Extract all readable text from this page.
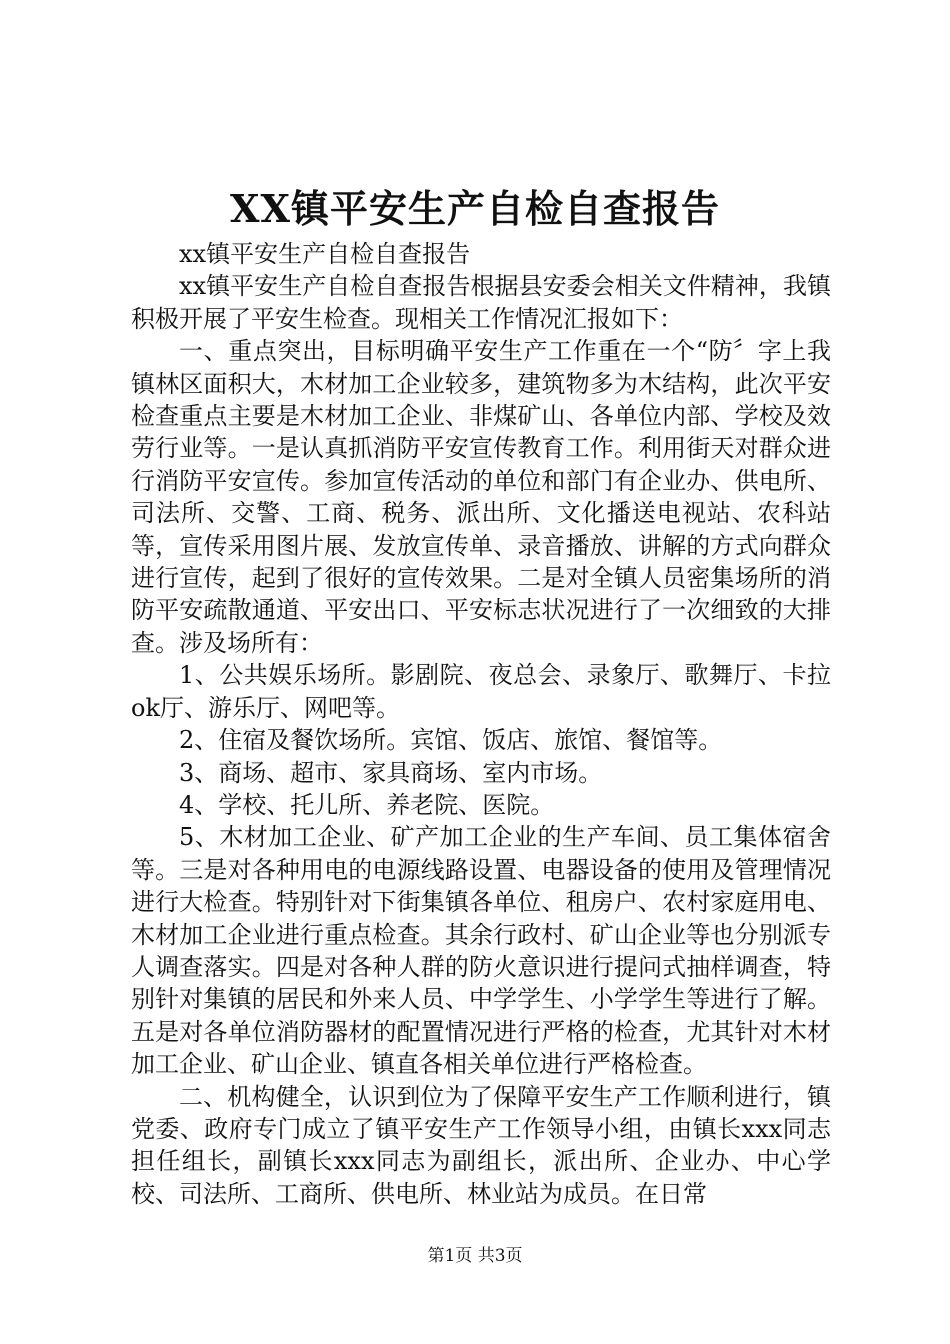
XX镇平安生产自检自查报告

xx镇平安生产自检自查报告

xx镇平安生产自检自查报告根据县安委会相关文件精神，我镇积极开展了平安生检查。现相关工作情况汇报如下：

一、重点突出，目标明确平安生产工作重在一个“防〞字上我镇林区面积大，木材加工企业较多，建筑物多为木结构，此次平安检查重点主要是木材加工企业、非煤矿山、各单位内部、学校及效劳行业等。一是认真抓消防平安宣传教育工作。利用街天对群众进行消防平安宣传。参加宣传活动的单位和部门有企业办、供电所、司法所、交警、工商、税务、派出所、文化播送电视站、农科站等，宣传采用图片展、发放宣传单、录音播放、讲解的方式向群众进行宣传，起到了很好的宣传效果。二是对全镇人员密集场所的消防平安疏散通道、平安出口、平安标志状况进行了一次细致的大排查。涉及场所有：

1、公共娱乐场所。影剧院、夜总会、录象厅、歌舞厅、卡拉ok厅、游乐厅、网吧等。

2、住宿及餐饮场所。宾馆、饭店、旅馆、餐馆等。

3、商场、超市、家具商场、室内市场。

4、学校、托儿所、养老院、医院。

5、木材加工企业、矿产加工企业的生产车间、员工集体宿舍等。三是对各种用电的电源线路设置、电器设备的使用及管理情况进行大检查。特别针对下街集镇各单位、租房户、农村家庭用电、木材加工企业进行重点检查。其余行政村、矿山企业等也分别派专人调查落实。四是对各种人群的防火意识进行提问式抽样调查，特别针对集镇的居民和外来人员、中学学生、小学学生等进行了解。五是对各单位消防器材的配置情况进行严格的检查，尤其针对木材加工企业、矿山企业、镇直各相关单位进行严格检查。

二、机构健全，认识到位为了保障平安生产工作顺利进行，镇党委、政府专门成立了镇平安生产工作领导小组，由镇长xxx同志担任组长，副镇长xxx同志为副组长，派出所、企业办、中心学校、司法所、工商所、供电所、林业站为成员。在日常

第1页 共3页
